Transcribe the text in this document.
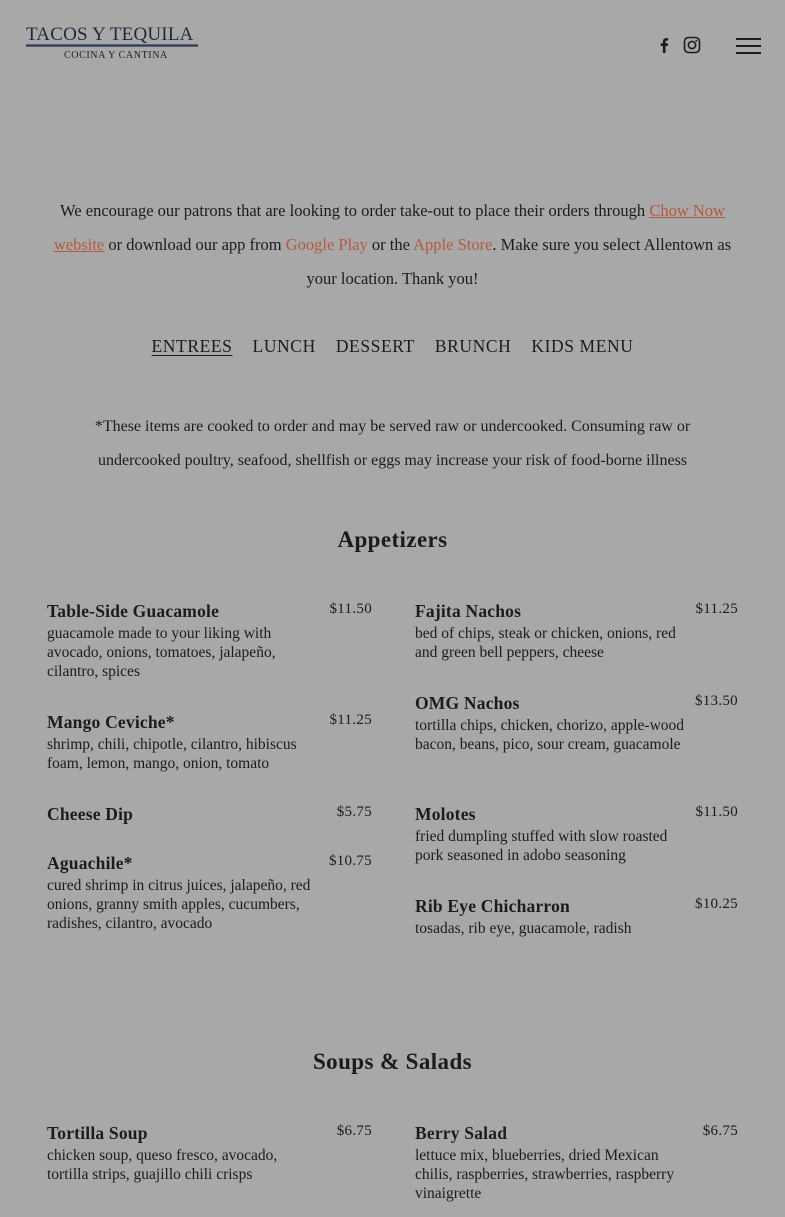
TACOS Y TEQUILA
COCINA Y CANTINA

We encourage our patrons that are looking to order take-out to place their orders through Chow Now website or download our app from Google Play or the Apple Store. Make sure you select Allentown as your location. Thank you!

ENTREES LUNCH DESSERT BRUNCH KIDS MENU

*These items are cooked to order and may be served raw or undercooked. Consuming raw or undercooked poultry, seafood, shellfish or eggs may increase your risk of food-borne illness

Appetizers
Table-Side Guacamole	$11.50
guacamole made to your liking with avocado, onions, tomatoes, jalapeño, cilantro, spices
Mango Ceviche*	$11.25
shrimp, chili, chipotle, cilantro, hibiscus foam, lemon, mango, onion, tomato
Cheese Dip	$5.75
Aguachile*	$10.75
cured shrimp in citrus juices, jalapeño, red onions, granny smith apples, cucumbers, radishes, cilantro, avocado
Fajita Nachos	$11.25
bed of chips, steak or chicken, onions, red and green bell peppers, cheese
OMG Nachos	$13.50
tortilla chips, chicken, chorizo, apple-wood bacon, beans, pico, sour cream, guacamole
Molotes	$11.50
fried dumpling stuffed with slow roasted pork seasoned in adobo seasoning
Rib Eye Chicharron	$10.25
tosadas, rib eye, guacamole, radish
Soups & Salads
Tortilla Soup	$6.75
chicken soup, queso fresco, avocado, tortilla strips, guajillo chili crisps
Berry Salad	$6.75
lettuce mix, blueberries, dried Mexican chilis, raspberries, strawberries, raspberry vinaigrette
